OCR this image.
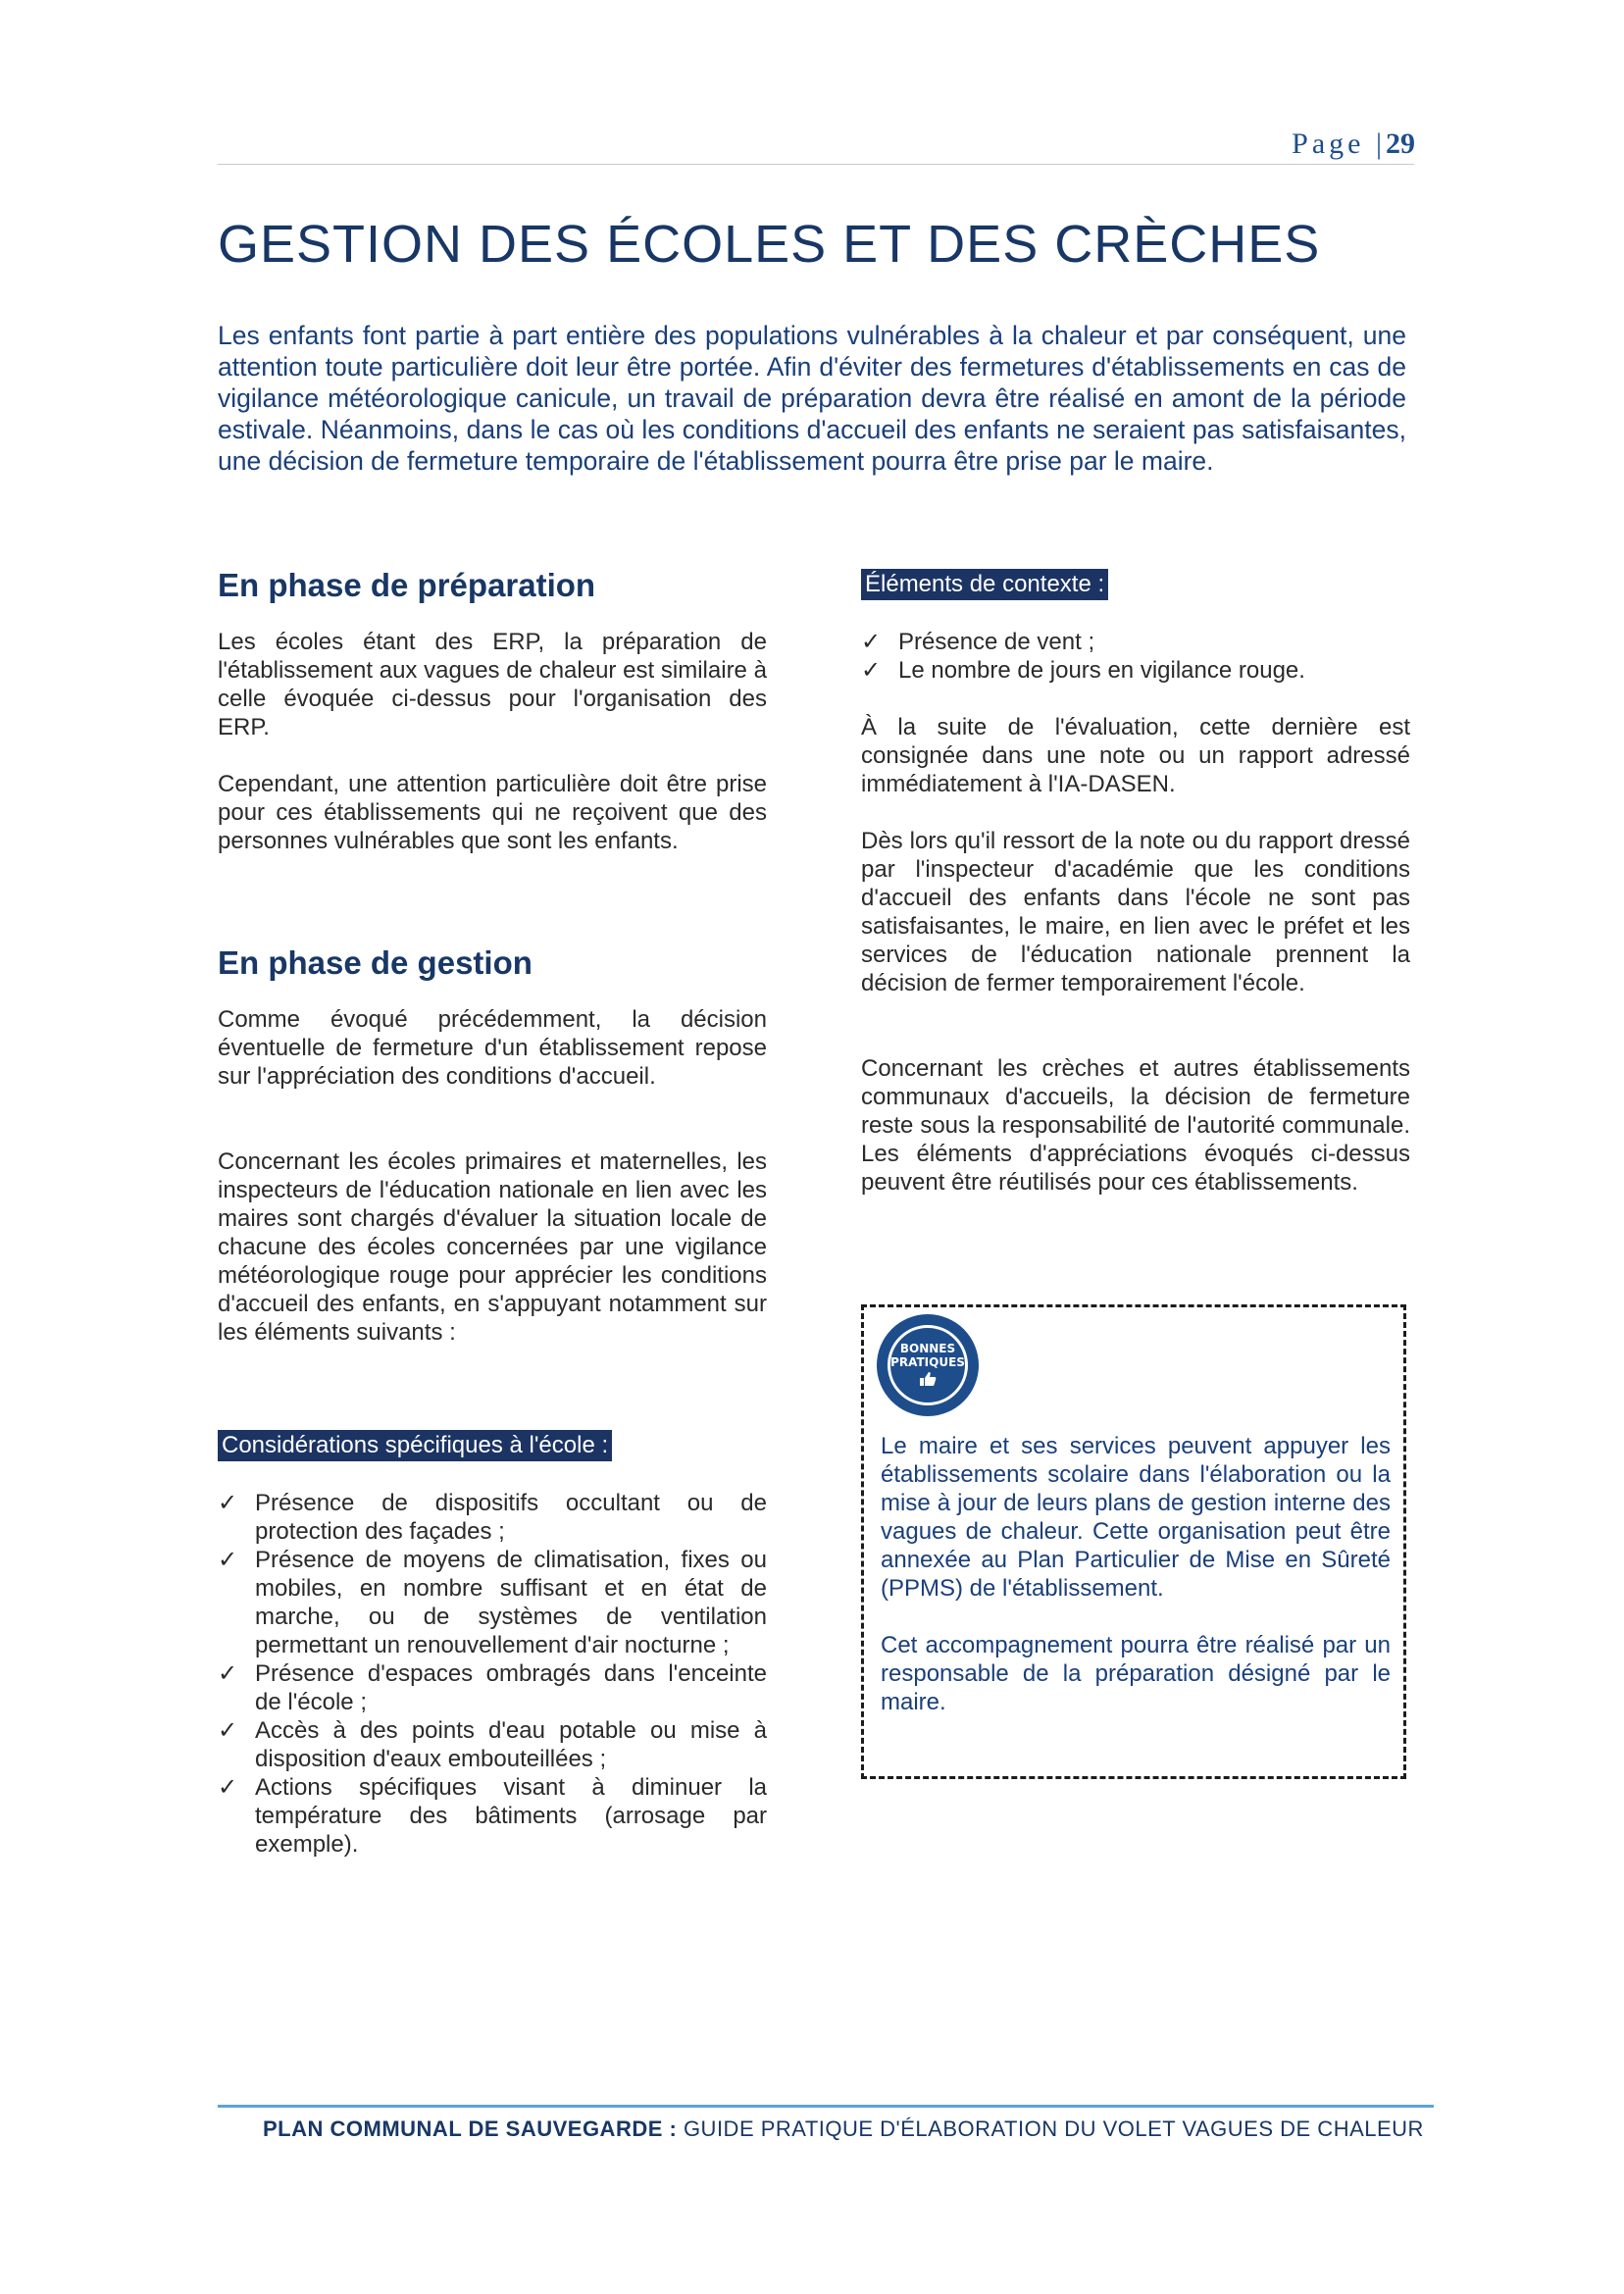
Page |29
GESTION DES ÉCOLES ET DES CRÈCHES

Les enfants font partie à part entière des populations vulnérables à la chaleur et par conséquent, une attention toute particulière doit leur être portée. Afin d'éviter des fermetures d'établissements en cas de vigilance météorologique canicule, un travail de préparation devra être réalisé en amont de la période estivale. Néanmoins, dans le cas où les conditions d'accueil des enfants ne seraient pas satisfaisantes, une décision de fermeture temporaire de l'établissement pourra être prise par le maire.

En phase de préparation

Les écoles étant des ERP, la préparation de l'établissement aux vagues de chaleur est similaire à celle évoquée ci-dessus pour l'organisation des ERP.

Cependant, une attention particulière doit être prise pour ces établissements qui ne reçoivent que des personnes vulnérables que sont les enfants.

En phase de gestion

Comme évoqué précédemment, la décision éventuelle de fermeture d'un établissement repose sur l'appréciation des conditions d'accueil.

Concernant les écoles primaires et maternelles, les inspecteurs de l'éducation nationale en lien avec les maires sont chargés d'évaluer la situation locale de chacune des écoles concernées par une vigilance météorologique rouge pour apprécier les conditions d'accueil des enfants, en s'appuyant notamment sur les éléments suivants :

Considérations spécifiques à l'école :
✓ Présence de dispositifs occultant ou de protection des façades ;
✓ Présence de moyens de climatisation, fixes ou mobiles, en nombre suffisant et en état de marche, ou de systèmes de ventilation permettant un renouvellement d'air nocturne ;
✓ Présence d'espaces ombragés dans l'enceinte de l'école ;
✓ Accès à des points d'eau potable ou mise à disposition d'eaux embouteillées ;
✓ Actions spécifiques visant à diminuer la température des bâtiments (arrosage par exemple).
Éléments de contexte :
✓ Présence de vent ;
✓ Le nombre de jours en vigilance rouge.

À la suite de l'évaluation, cette dernière est consignée dans une note ou un rapport adressé immédiatement à l'IA-DASEN.

Dès lors qu'il ressort de la note ou du rapport dressé par l'inspecteur d'académie que les conditions d'accueil des enfants dans l'école ne sont pas satisfaisantes, le maire, en lien avec le préfet et les services de l'éducation nationale prennent la décision de fermer temporairement l'école.

Concernant les crèches et autres établissements communaux d'accueils, la décision de fermeture reste sous la responsabilité de l'autorité communale. Les éléments d'appréciations évoqués ci-dessus peuvent être réutilisés pour ces établissements.

BONNES
PRATIQUES

Le maire et ses services peuvent appuyer les établissements scolaire dans l'élaboration ou la mise à jour de leurs plans de gestion interne des vagues de chaleur. Cette organisation peut être annexée au Plan Particulier de Mise en Sûreté (PPMS) de l'établissement.

Cet accompagnement pourra être réalisé par un responsable de la préparation désigné par le maire.

PLAN COMMUNAL DE SAUVEGARDE : GUIDE PRATIQUE D'ÉLABORATION DU VOLET VAGUES DE CHALEUR
